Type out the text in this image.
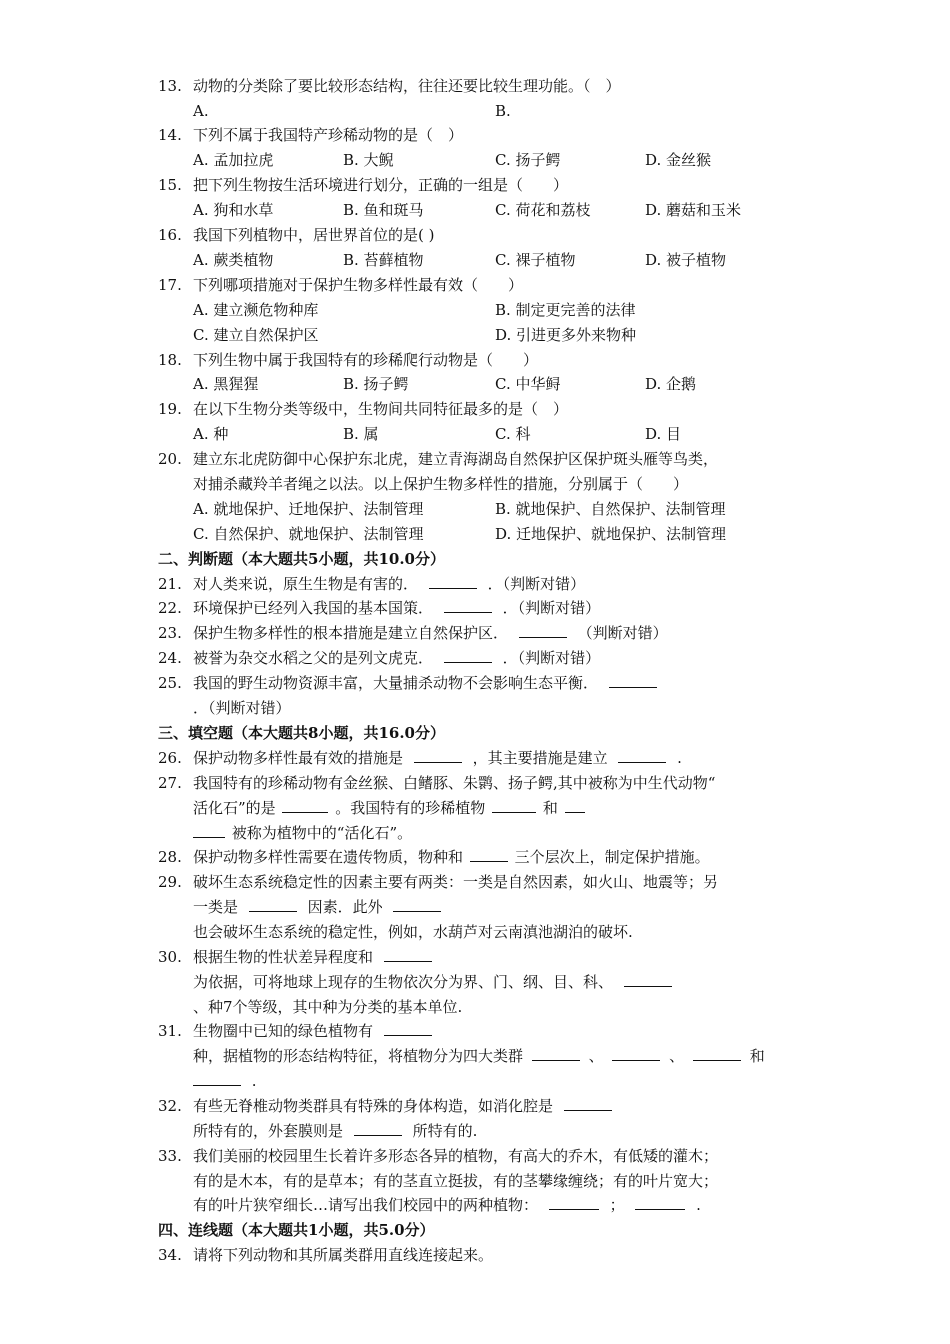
13. 动物的分类除了要比较形态结构，往往还要比较生理功能。（　）
A.	B.
14. 下列不属于我国特产珍稀动物的是（　）
A. 孟加拉虎	B. 大鲵	C. 扬子鳄	D. 金丝猴
15. 把下列生物按生活环境进行划分，正确的一组是（　　）
A. 狗和水草	B. 鱼和斑马	C. 荷花和荔枝	D. 蘑菇和玉米
16. 我国下列植物中，居世界首位的是( )
A. 蕨类植物	B. 苔藓植物	C. 裸子植物	D. 被子植物
17. 下列哪项措施对于保护生物多样性最有效（　　）
A. 建立濒危物种库	B. 制定更完善的法律
C. 建立自然保护区	D. 引进更多外来物种
18. 下列生物中属于我国特有的珍稀爬行动物是（　　）
A. 黑猩猩	B. 扬子鳄	C. 中华鲟	D. 企鹅
19. 在以下生物分类等级中，生物间共同特征最多的是（　）
A. 种	B. 属	C. 科	D. 目
20. 建立东北虎防御中心保护东北虎，建立青海湖岛自然保护区保护斑头雁等鸟类，
对捕杀藏羚羊者绳之以法。以上保护生物多样性的措施，分别属于（　　）
A. 就地保护、迁地保护、法制管理	B. 就地保护、自然保护、法制管理
C. 自然保护、就地保护、法制管理	D. 迁地保护、就地保护、法制管理
二、判断题（本大题共5小题，共10.0分）
21. 对人类来说，原生生物是有害的．	．（判断对错）
22. 环境保护已经列入我国的基本国策．	．（判断对错）
23. 保护生物多样性的根本措施是建立自然保护区．	（判断对错）
24. 被誉为杂交水稻之父的是列文虎克．	．（判断对错）
25. 我国的野生动物资源丰富，大量捕杀动物不会影响生态平衡．
．（判断对错）
三、填空题（本大题共8小题，共16.0分）
26. 保护动物多样性最有效的措施是	，其主要措施是建立	.
27. 我国特有的珍稀动物有金丝猴、白鳍豚、朱鹮、扬子鳄,其中被称为中生代动物“
活化石”的是	。我国特有的珍稀植物	和
被称为植物中的“活化石”。
28. 保护动物多样性需要在遗传物质，物种和	三个层次上，制定保护措施。
29. 破坏生态系统稳定性的因素主要有两类：一类是自然因素，如火山、地震等；另
一类是	因素．此外
也会破坏生态系统的稳定性，例如，水葫芦对云南滇池湖泊的破坏.
30. 根据生物的性状差异程度和
为依据，可将地球上现存的生物依次分为界、门、纲、目、科、
、种7个等级，其中种为分类的基本单位.
31. 生物圈中已知的绿色植物有
种，据植物的形态结构特征，将植物分为四大类群	、	、	和
.
32. 有些无脊椎动物类群具有特殊的身体构造，如消化腔是
所特有的，外套膜则是	所特有的.
33. 我们美丽的校园里生长着许多形态各异的植物，有高大的乔木，有低矮的灌木；
有的是木本，有的是草本；有的茎直立挺拔，有的茎攀缘缠绕；有的叶片宽大；
有的叶片狭窄细长…请写出我们校园中的两种植物：	；	.
四、连线题（本大题共1小题，共5.0分）
34. 请将下列动物和其所属类群用直线连接起来。
